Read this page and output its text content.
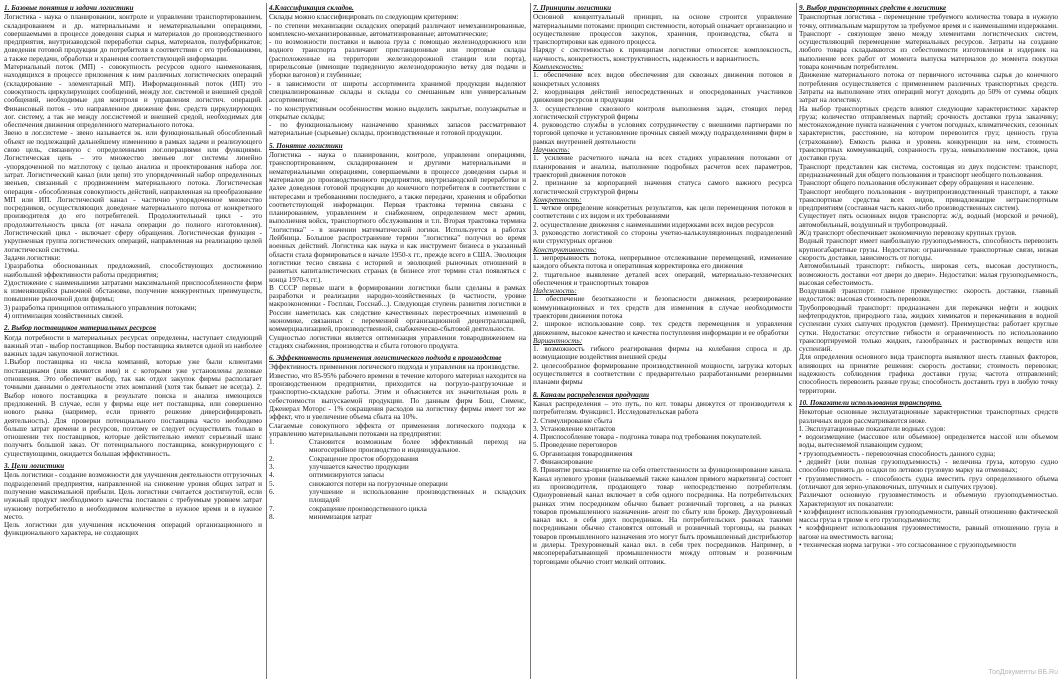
1. Базовые понятия и задачи логистики

Логистика - наука о планировании, контроле и управлении транспортированием, складированием и др. материальными и нематериальными операциями, совершаемыми в процессе доведения сырья и материалов до производственного предприятия, внутризаводской переработки сырья, материалов, полуфабрикатов; доведения готовой продукции до потребителя в соответствии с его требованиями, а также передачи, обработки и хранения соответствующей информации.

Материальный поток (МП) - совокупность ресурсов одного наименования, находящихся в процессе приложения к ним различных логистических операций (складирование - элементарный МП). Информационный поток (ИП) это совокупность циркулирующих сообщений, между лог. системой и внешней средой сообщений, необходимые для контроля и управления логистич. операций. Финансовый поток - это направленное движение фин. средств циркулирующих лог. систему, а так же между лог.системой и внешней средой, необходимых для обеспечения движения определенного материального потока.

Звено в лог.системе - звено называется эк. или функциональный обособленный объект не подлежащий дальнейшему изменению в рамках задачи и реализующего свою цель, связанную с определенными лог.операциями или функциями. Логистическая цепь – это множество звеньев лог системы линейно -упорядоченной по мат.потоку с целью анализа и проектирования набора лог. затрат. Логистический канал (или цепи) это упорядоченный набор определенных звеньев, связанный с продвижением материального потока. Логистическая операция - обособленная совокупность действий, направленная на преобразование МП или ИП. Логистический канал - частично упорядоченное множество посредников, осуществляющих доведение материального потока от конкретного производителя до его потребителей. Продолжительный цикл - это продолжительность цикла (от начала операции до полного изготовления). Логистический цикл - включает сферу обращения. Логистическая функция - укрупненная группа логистических операций, направленная на реализацию целей логистической системы.

Задачи логистики:

1)разработка обоснованных предложений, способствующих достижению наибольшей эффективности работы предприятия;

2)достижение с наименьшими затратами максимальной приспособленности фирм к изменяющейся рыночной обстановке, получение конкурентных преимуществ, повышение рыночной доли фирмы;

3) разработка принципов оптимального управления потоками;

4) оптимизация хозяйственных связей.

2. Выбор поставщиков материальных ресурсов

Когда потребности в материальных ресурсах определены, наступает следующий важный этап - выбор поставщиков. Выбор поставщика является одной из наиболее важных задач закупочной логистики.

1.Выбор поставщика из числа компаний, которые уже были клиентами поставщиками (или являются ими) и с которыми уже установлены деловые отношения. Это обеспечит выбор, так как отдел закупок фирмы располагает точными данными о деятельности этих компаний (хотя так бывает не всегда). 2. Выбор нового поставщика в результате поиска и анализа имеющихся предложений. В случае, если у фирмы еще нет поставщика, или совершенно нового рынка (например, если принято решение диверсифицировать деятельность). Для проверки потенциального поставщика часто необходимо больше затрат времени и ресурсов, поэтому ее следует осуществлять только в отношении тех поставщиков, которые действительно имеют серьезный шанс получить большой заказ. От потенциального поставщика, конкурирующего с существующими, ожидается большая эффективность.

3. Цели логистики

Цель логистики - создание возможности для улучшения деятельности отгрузочных подразделений предприятия, направленной на снижение уровня общих затрат и получение максимальной прибыли. Цель логистики считается достигнутой, если нужный продукт необходимого качества поставлен с требуемым уровнем затрат нужному потребителю в необходимом количестве в нужное время и в нужное место.

Цель логистики для улучшения исключения операций организационного и функционального характера, не создающих

4.Классификация складов.

Склады можно классифицировать по следующим критериям:

- по степени механизации складских операций различают немеханизированные, комплексно-механизированные, автоматизированные; автоматические;

- по возможности поставки и вывоза груза с помощью железнодорожного или водного транспорта различают пристанционные или портовые склады (расположенные на территории железнодорожной станции или порта), прирельсовые (имеющие подведенную железнодорожную ветку для подачи и уборки вагонов) и глубинные;

- в зависимости от широты ассортимента хранимой продукции выделяют специализированные склады и склады со смешанным или универсальным ассортиментом;

- по конструктивным особенностям можно выделить закрытые, полузакрытые и открытые склады;

- по функциональному назначению хранимых запасов рассматривают материальные (сырьевые) склады, производственные и готовой продукции.

5. Понятие логистики

Логистика - наука о планировании, контроле, управлении операциями, транспортированием, складированием и другими материальными и нематериальными операциями, совершаемыми в процессе доведения сырья и материалов до производственного предприятия, внутризаводской переработки и далее доведения готовой продукции до конечного потребителя в соответствии с интересами и требованиями последнего, а также передачи, хранения и обработки соответствующей информации. Первая трактовка термина связана с планированием, управлением и снабжением, определением мест армии, выполнения войск, транспортного обслуживания и т.п. Вторая трактовка термина "логистика" - в значении математической логики. Используется в работах Лейбница. Большое распространение термин "логистика" получил во время военных действий. Логистика как наука и как инструмент бизнеса в указанный области стала формироваться в начале 1950-х гг., прежде всего в США. Эволюция логистики тесно связана с историей и эволюцией рыночных отношений в развитых капиталистических странах (в бизнесе этот термин стал появляться с конца 1970-х гг.).

В СССР первые шаги в формировании логистики были сделаны в рамках разработки и реализации народно-хозяйственных (в частности, уровне макроэкономики - Госплан, Госснаб...). Следующая ступень развития логистики в России наметилась как следствие качественных перестроечных изменений в экономике, связанных с переменной организационной децентрализацией, коммерциализацией, производственной, снабженческо-сбытовой деятельности.

Сущностью логистики является оптимизация управления товародвижением на стадиях снабжения, производства и сбыта готового продукта.

6. Эффективность применения логистического подхода в производстве

Эффективность применения логического подхода и управления на производстве.

Известно, что 85-95% рабочего времени в течение которого материал находится на производственном предприятии, приходится на погрузо-разгрузочные и транспортно-складские работы. Этим и объясняется их значительная роль в себестоимости выпускаемой продукции. По данным фирм Бош, Сименс, Джеиерал Моторс - 1% сокращения расходов на логистику фирмы имеет тот же эффект, что и увеличение объема сбыта на 10%.

Слагаемые совокупного эффекта от применения логического подхода к управлению материальными потоками на предприятии:

1.	Становится возможным более эффективный переход на многосерийное производство и индивидуальное.
2.	Сокращение простоя оборудования
3.	улучшается качество продукции
4.	оптимизируются запасы
5.	снижаются потери на погрузочные операции
6.	улучшение и использование производственных и складских площадей
7.	сокращение производственного цикла
8.	минимизация затрат
7. Принципы логистики

Основной концептуальный принцип, на основе строится управление материальными потоками: принцип системности, который означает организацию и осуществление процессов закупок, хранения, производства, сбыта и транспортировки как единого процесса.

Наряду с системностью к принципам логистики относятся: комплексность, научность, конкретность, конструктивность, надежность и вариантность.

Комплексность:

1. обеспечение всех видов обеспечения для сквозных движения потоков в конкретных условиях

2. координация действий непосредственных и опосредованных участников движения ресурсов и продукции

3. осуществление сквозного контроля выполнения задач, стоящих перед логистической структурой фирмы

4. руководство службы в условиях сотрудничеству с внешними партнерами по торговой цепочке и установление прочных связей между подразделениями фирм в рамках внутренней деятельности

Научность:

1. усиление расчетного начала на всех стадиях управления потоками от планирования и анализа, выполнение подробных расчетов всех параметров, траекторий движения потоков

2. признание за корпорацией значения статуса самого важного ресурса логистической структурой фирмы

Конкретность:

1. четкое определение конкретных результатов, как цели перемещения потоков в соответствии с их видом и их требованиями

2. осуществление движения с наименьшими издержками всех видов ресурсов

3. руководство логистикой со стороны учетно-кальклуляционных подразделений или структурных органов

Конструктивность:

1. непрерывность потока, непрерывное отслеживание перемещений, изменение каждого объекта потока и оперативная корректировка его движения

2. тщательное выявление деталей всех операций, материально-технических обеспечения и транспортных товаров

Надежность:

1. обеспечение безотказности и безопасности движения, резервирование коммуникационных и тех средств для изменения в случае необходимости траектории движения потока

2. широкое использование совр. тех средств перемещения и управления движением, высокое качество и качества поступления информации и ее обработки

Вариантность:

1. возможность гибкого реагирования фирмы на колебания спроса и др. возмущающие воздействия внешней среды

2. целесообразное формирование производственной мощности, загрузка которых осуществляется в соответствии с предварительно разработанными резервными планами фирмы

8. Каналы распределения продукции

Канал распределения – это путь, по кот. товары движутся от производителя к потребителям. Функции:1. Исследовательская работа

2. Стимулирование сбыта

3. Установление контактов

4. Приспособление товара - подгонка товара под требования покупателей.

5. Проведение переговоров

6. Организация товародвижения

7. Финансирование

8. Принятие риска-принятие на себя ответственности за функционирование канала. Канал нулевого уровня (называемый также каналом прямого маркетинга) состоит из производителя, продающего товар непосредственно потребителям. Одноуровневый канал включает в себя одного посредника. На потребительских рынках этим посредником обычно бывает розничный торговец, а на рынках товаров промышленного назначения- агент по сбыту или брокер. Двухуровневый канал вкл. в себя двух посредников. На потребительских рынках такими посредниками обычно становятся оптовый и розничный торговцы, на рынках товаров промышленного назначения это могут быть промышленный дистрибьютор и дилеры. Трехуровневый канал вкл. в себя трех посредников. Например, в мясоперерабатывающей промышленности между оптовым и розничным торговцами обычно стоит мелкий оптовик.

9. Выбор транспортных средств в логистике

Транспортная логистика - перемещение требуемого количества товара в нужную точку, оптимальным маршрутом за требуемое время и с наименьшими издержками. Транспорт - связующее звено между элементами логистических систем, осуществляющий перемещение материальных ресурсов. Затраты на создание любого товара складываются из себестоимости изготовления и издержек на выполнение всех работ от момента выпуска материалов до момента покупки товара конечным потребителем.

Движение материального потока от первичного источника сырья до конечного потребления осуществляется с применением различных транспортных средств. Затраты на выполнение этих операций могут доходить до 50% от суммы общих затрат на логистику.

На выбор транспортных средств влияют следующие характеристики: характер груза; количество отправляемых партий; срочность доставки груза заказчику; местонахождение пункта назначения с учетом погодных, климатических, сезонных характеристик, расстояние, на котором перевозится груз; ценность груза (страхование). Емкость рынка и уровень конкуренции на нем, стоимость транспортных коммуникаций, сохранность груза, невыполнение поставок, цена доставки груза.

Транспорт представлен как система, состоящая из двух подсистем: транспорт, предназначенный для общего пользования и транспорт необщего пользования.

Транспорт общего пользования обслуживает сферу обращения и население.

Транспорт необщего пользования - внутрипроизводственный транспорт, а также транспортные средства всех видов, принадлежащие нетранспортным предприятиям (составная часть каких-либо производственных систем).

Существует пять основных видов транспорта: ж/д, водный (морской и речной), автомобильный, воздушный и трубопроводный.

Ж/д транспорт обеспечивает экономичную перевозку крупных грузов.

Водный транспорт имеет наибольшую грузоподъемность, способность перевозить крупногабаритные грузы. Недостатки: ограниченные транспортные связи, низкая скорость доставки, зависимость от погоды.

Автомобильный транспорт: гибкость, широкая сеть, высокая доступность, возможность доставки «от двери до двери». Недостатки: малая грузоподъемность, высокая себестоимость.

Воздушный транспорт: главное преимущество: скорость доставки, главный недостаток: высокая стоимость перевозки.

Трубопроводный транспорт: предназначен для перекачки нефти и жидких нефтепродуктов, природного газа, жидких химикатов и перекачивания в водной суспензии сухих сыпучих продуктов (цемент). Преимущества: работает круглые сутки. Недостатки: отсутствие гибкости и ограниченность по использованию транспортируемой только жидких, газообразных и растворимых веществ или суспензий.

Для определения основного вида транспорта выявляют шесть главных факторов, влияющих на принятие решения: скорость доставки; стоимость перевозки; надежность соблюдения графика доставки груза; частота отправлений; способность перевозить разные грузы; способность доставить груз в любую точку территории.

10. Показатели использования транспорта.

Некоторые основные эксплуатационные характеристики транспортных средств различных видов рассматриваются ниже.

I. Эксплуатационные показатели водных судов:

• водоизмещение (массовое или объемное) определяется массой или объемом воды, вытесняемой плавающим судном;

• грузоподъемность - перевозочная способность данного судна;

• дедвейт (или полная грузоподъемность) - величина груза, которую судно способно принять до осадки по летнюю грузовую марку на отменных;

• грузовместимость - способность судна вместить груз определенного объема (отличают для зерно-упаковочных, штучных и сыпучих грузов).

Различают основную грузовместимость и объемную грузоподъемностью. Характеризуют их показатели:

• коэффициент использования грузоподъемности, равный отношению фактической массы груза в трюме к его грузоподъемности;

• коэффициент использования грузовместимости, равный отношению груза в вагоне на вместимость вагона;

• техническая норма загрузки - это согласованное с грузоподъемности

ТопДокументы ВБ.Ru
